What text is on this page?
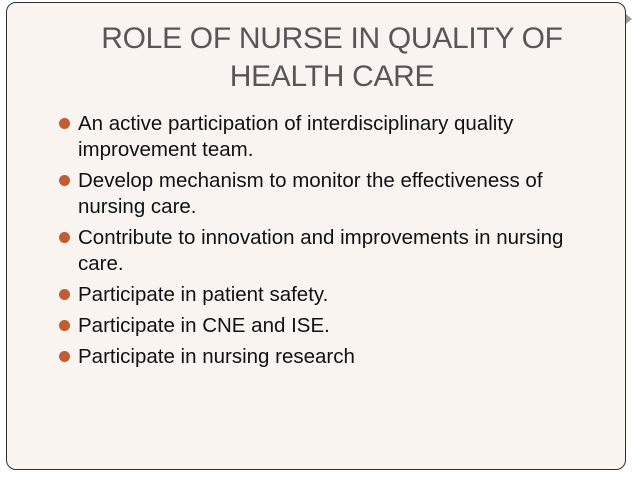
ROLE OF NURSE IN QUALITY OF
HEALTH CARE
An active participation of interdisciplinary quality improvement team.
Develop mechanism to monitor the effectiveness of nursing care.
Contribute to innovation and improvements in nursing care.
Participate in patient safety.
Participate in CNE and ISE.
Participate in nursing research
